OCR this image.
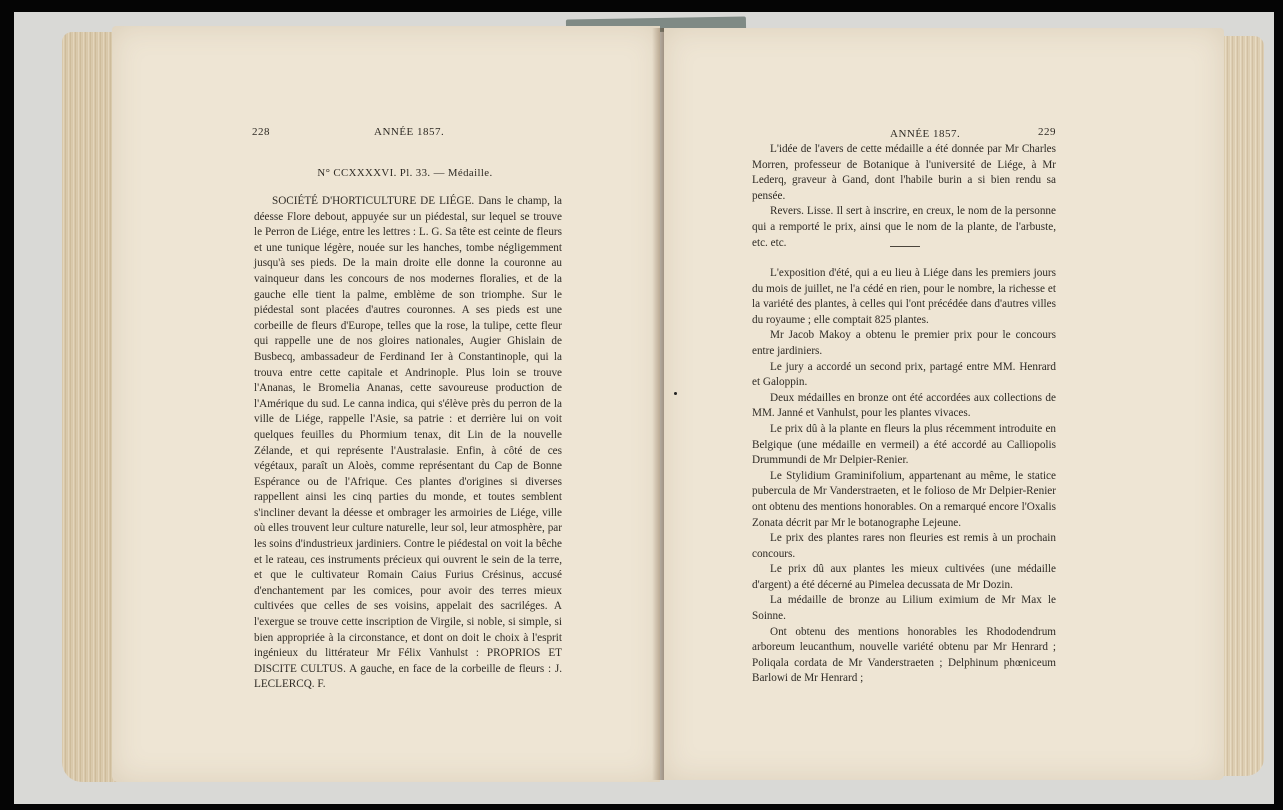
228	ANNÉE 1857.
N° CCXXXXVI. Pl. 33. — Médaille.

SOCIÉTÉ D'HORTICULTURE DE LIÉGE. Dans le champ, la déesse Flore debout, appuyée sur un piédestal, sur lequel se trouve le Perron de Liége, entre les lettres : L. G. Sa tête est ceinte de fleurs et une tunique légère, nouée sur les hanches, tombe négligemment jusqu'à ses pieds. De la main droite elle donne la couronne au vainqueur dans les concours de nos modernes floralies, et de la gauche elle tient la palme, emblème de son triomphe. Sur le piédestal sont placées d'autres couronnes. A ses pieds est une corbeille de fleurs d'Europe, telles que la rose, la tulipe, cette fleur qui rappelle une de nos gloires nationales, Augier Ghislain de Busbecq, ambassadeur de Ferdinand Ier à Constantinople, qui la trouva entre cette capitale et Andrinople. Plus loin se trouve l'Ananas, le Bromelia Ananas, cette savoureuse production de l'Amérique du sud. Le canna indica, qui s'élève près du perron de la ville de Liége, rappelle l'Asie, sa patrie : et derrière lui on voit quelques feuilles du Phormium tenax, dit Lin de la nouvelle Zélande, et qui représente l'Australasie. Enfin, à côté de ces végétaux, paraît un Aloès, comme représentant du Cap de Bonne Espérance ou de l'Afrique. Ces plantes d'origines si diverses rappellent ainsi les cinq parties du monde, et toutes semblent s'incliner devant la déesse et ombrager les armoiries de Liége, ville où elles trouvent leur culture naturelle, leur sol, leur atmosphère, par les soins d'industrieux jardiniers. Contre le piédestal on voit la bêche et le rateau, ces instruments précieux qui ouvrent le sein de la terre, et que le cultivateur Romain Caius Furius Crésinus, accusé d'enchantement par les comices, pour avoir des terres mieux cultivées que celles de ses voisins, appelait des sacriléges. A l'exergue se trouve cette inscription de Virgile, si noble, si simple, si bien appropriée à la circonstance, et dont on doit le choix à l'esprit ingénieux du littérateur Mr Félix Vanhulst : PROPRIOS ET DISCITE CULTUS. A gauche, en face de la corbeille de fleurs : J. LECLERCQ. F.

ANNÉE 1857.	229

L'idée de l'avers de cette médaille a été donnée par Mr Charles Morren, professeur de Botanique à l'université de Liége, à Mr Lederq, graveur à Gand, dont l'habile burin a si bien rendu sa pensée.

Revers. Lisse. Il sert à inscrire, en creux, le nom de la personne qui a remporté le prix, ainsi que le nom de la plante, de l'arbuste, etc. etc.

L'exposition d'été, qui a eu lieu à Liége dans les premiers jours du mois de juillet, ne l'a cédé en rien, pour le nombre, la richesse et la variété des plantes, à celles qui l'ont précédée dans d'autres villes du royaume ; elle comptait 825 plantes.

Mr Jacob Makoy a obtenu le premier prix pour le concours entre jardiniers.

Le jury a accordé un second prix, partagé entre MM. Henrard et Galoppin.

Deux médailles en bronze ont été accordées aux collections de MM. Janné et Vanhulst, pour les plantes vivaces.

Le prix dû à la plante en fleurs la plus récemment introduite en Belgique (une médaille en vermeil) a été accordé au Calliopolis Drummundi de Mr Delpier-Renier.

Le Stylidium Graminifolium, appartenant au même, le statice pubercula de Mr Vanderstraeten, et le folioso de Mr Delpier-Renier ont obtenu des mentions honorables. On a remarqué encore l'Oxalis Zonata décrit par Mr le botanographe Lejeune.

Le prix des plantes rares non fleuries est remis à un prochain concours.

Le prix dû aux plantes les mieux cultivées (une médaille d'argent) a été décerné au Pimelea decussata de Mr Dozin.

La médaille de bronze au Lilium eximium de Mr Max le Soinne.

Ont obtenu des mentions honorables les Rhododendrum arboreum leucanthum, nouvelle variété obtenu par Mr Henrard ; Poliqala cordata de Mr Vanderstraeten ; Delphinum phœniceum Barlowi de Mr Henrard ;
